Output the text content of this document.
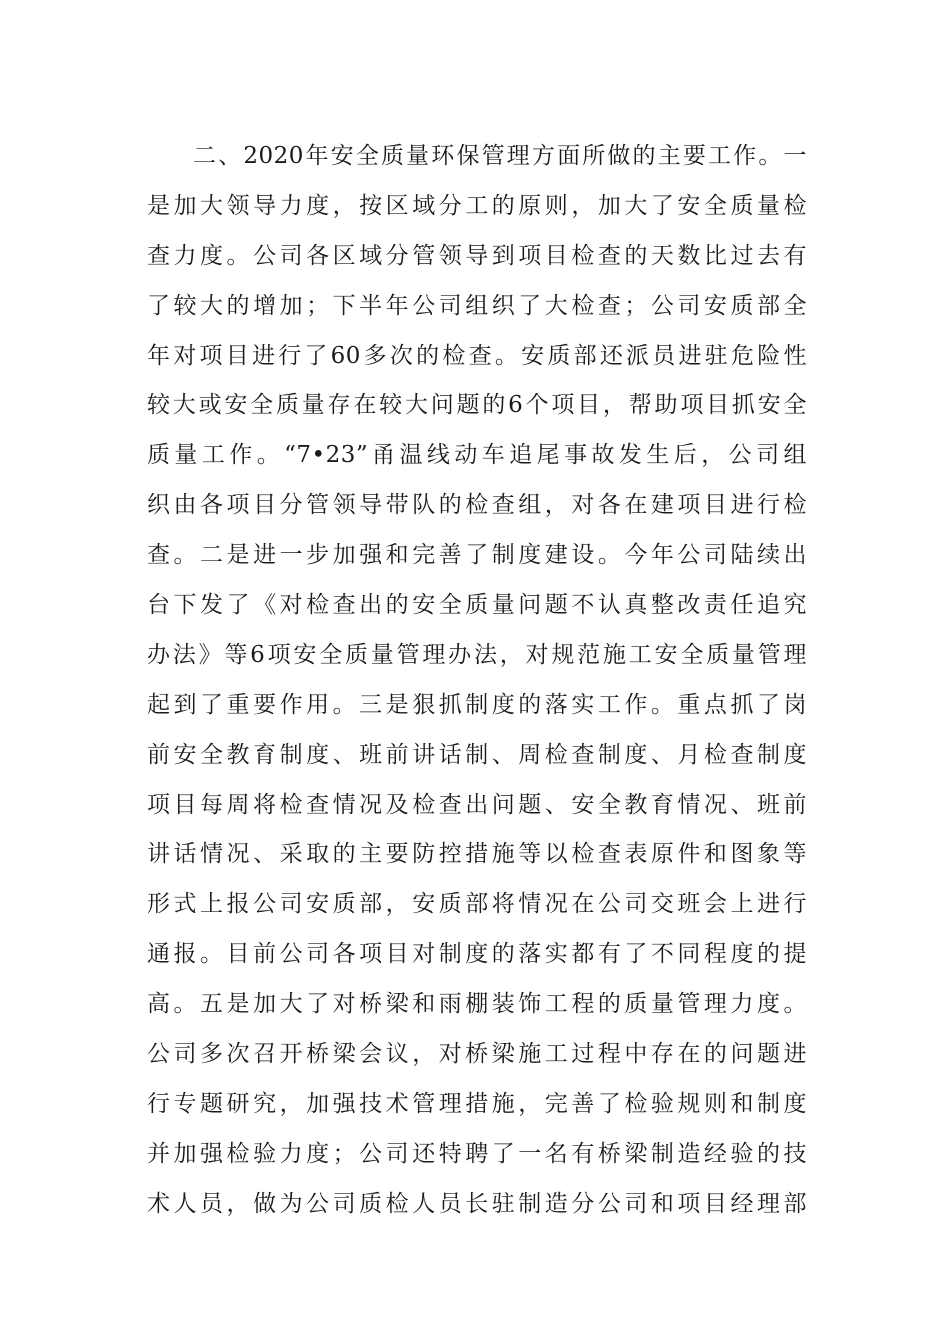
二、2020年安全质量环保管理方面所做的主要工作。一
是加大领导力度，按区域分工的原则，加大了安全质量检
查力度。公司各区域分管领导到项目检查的天数比过去有
了较大的增加；下半年公司组织了大检查；公司安质部全
年对项目进行了60多次的检查。安质部还派员进驻危险性
较大或安全质量存在较大问题的6个项目，帮助项目抓安全
质量工作。“7•23”甬温线动车追尾事故发生后，公司组
织由各项目分管领导带队的检查组，对各在建项目进行检
查。二是进一步加强和完善了制度建设。今年公司陆续出
台下发了《对检查出的安全质量问题不认真整改责任追究
办法》等6项安全质量管理办法，对规范施工安全质量管理
起到了重要作用。三是狠抓制度的落实工作。重点抓了岗
前安全教育制度、班前讲话制、周检查制度、月检查制度
项目每周将检查情况及检查出问题、安全教育情况、班前
讲话情况、采取的主要防控措施等以检查表原件和图象等
形式上报公司安质部，安质部将情况在公司交班会上进行
通报。目前公司各项目对制度的落实都有了不同程度的提
高。五是加大了对桥梁和雨棚装饰工程的质量管理力度。
公司多次召开桥梁会议，对桥梁施工过程中存在的问题进
行专题研究，加强技术管理措施，完善了检验规则和制度
并加强检验力度；公司还特聘了一名有桥梁制造经验的技
术人员，做为公司质检人员长驻制造分公司和项目经理部
